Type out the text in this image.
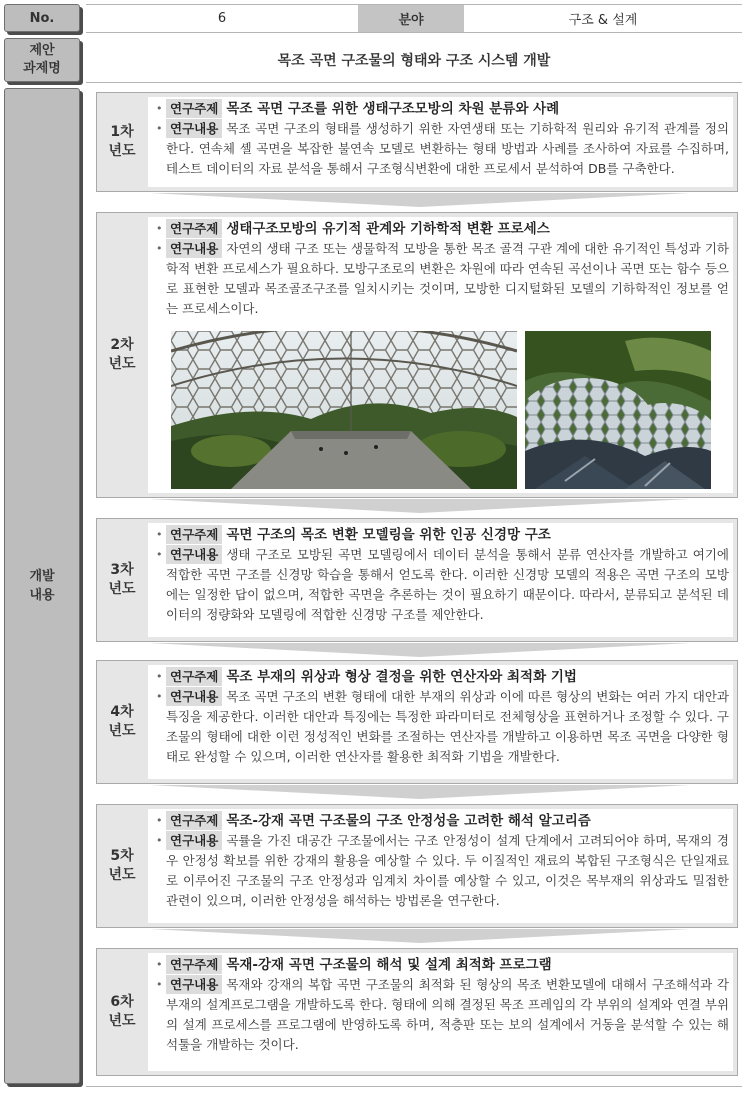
No.	6	분야	구조 & 설계
제안
과제명	목조 곡면 구조물의 형태와 구조 시스템 개발
개발
내용
1차
년도
• 연구주제 목조 곡면 구조를 위한 생태구조모방의 차원 분류와 사례
• 연구내용 목조 곡면 구조의 형태를 생성하기 위한 자연생태 또는 기하학적 원리와 유기적 관계를 정의한다. 연속체 셸 곡면을 복잡한 불연속 모델로 변환하는 형태 방법과 사례를 조사하여 자료를 수집하며, 테스트 데이터의 자료 분석을 통해서 구조형식변환에 대한 프로세서 분석하여 DB를 구축한다.
2차
년도
• 연구주제 생태구조모방의 유기적 관계와 기하학적 변환 프로세스
• 연구내용 자연의 생태 구조 또는 생물학적 모방을 통한 목조 골격 구관 계에 대한 유기적인 특성과 기하학적 변환 프로세스가 필요하다. 모방구조로의 변환은 차원에 따라 연속된 곡선이나 곡면 또는 함수 등으로 표현한 모델과 목조골조구조를 일치시키는 것이며, 모방한 디지털화된 모델의 기하학적인 정보를 얻는 프로세스이다.
3차
년도
• 연구주제 곡면 구조의 목조 변환 모델링을 위한 인공 신경망 구조
• 연구내용 생태 구조로 모방된 곡면 모델링에서 데이터 분석을 통해서 분류 연산자를 개발하고 여기에 적합한 곡면 구조를 신경망 학습을 통해서 얻도록 한다. 이러한 신경망 모델의 적용은 곡면 구조의 모방에는 일정한 답이 없으며, 적합한 곡면을 추론하는 것이 필요하기 때문이다. 따라서, 분류되고 분석된 데이터의 정량화와 모델링에 적합한 신경망 구조를 제안한다.
4차
년도
• 연구주제 목조 부재의 위상과 형상 결정을 위한 연산자와 최적화 기법
• 연구내용 목조 곡면 구조의 변환 형태에 대한 부재의 위상과 이에 따른 형상의 변화는 여러 가지 대안과 특징을 제공한다. 이러한 대안과 특징에는 특정한 파라미터로 전체형상을 표현하거나 조정할 수 있다. 구조물의 형태에 대한 이런 정성적인 변화를 조절하는 연산자를 개발하고 이용하면 목조 곡면을 다양한 형태로 완성할 수 있으며, 이러한 연산자를 활용한 최적화 기법을 개발한다.
5차
년도
• 연구주제 목조-강재 곡면 구조물의 구조 안정성을 고려한 해석 알고리즘
• 연구내용 곡률을 가진 대공간 구조물에서는 구조 안정성이 설계 단계에서 고려되어야 하며, 목재의 경우 안정성 확보를 위한 강재의 활용을 예상할 수 있다. 두 이질적인 재료의 복합된 구조형식은 단일재료로 이루어진 구조물의 구조 안정성과 임계치 차이를 예상할 수 있고, 이것은 목부재의 위상과도 밀접한 관련이 있으며, 이러한 안정성을 해석하는 방법론을 연구한다.
6차
년도
• 연구주제 목재-강재 곡면 구조물의 해석 및 설계 최적화 프로그램
• 연구내용 목재와 강재의 복합 곡면 구조물의 최적화 된 형상의 목조 변환모델에 대해서 구조해석과 각 부재의 설계프로그램을 개발하도록 한다. 형태에 의해 결정된 목조 프레임의 각 부위의 설계와 연결 부위의 설계 프로세스를 프로그램에 반영하도록 하며, 적층판 또는 보의 설계에서 거동을 분석할 수 있는 해석툴을 개발하는 것이다.
